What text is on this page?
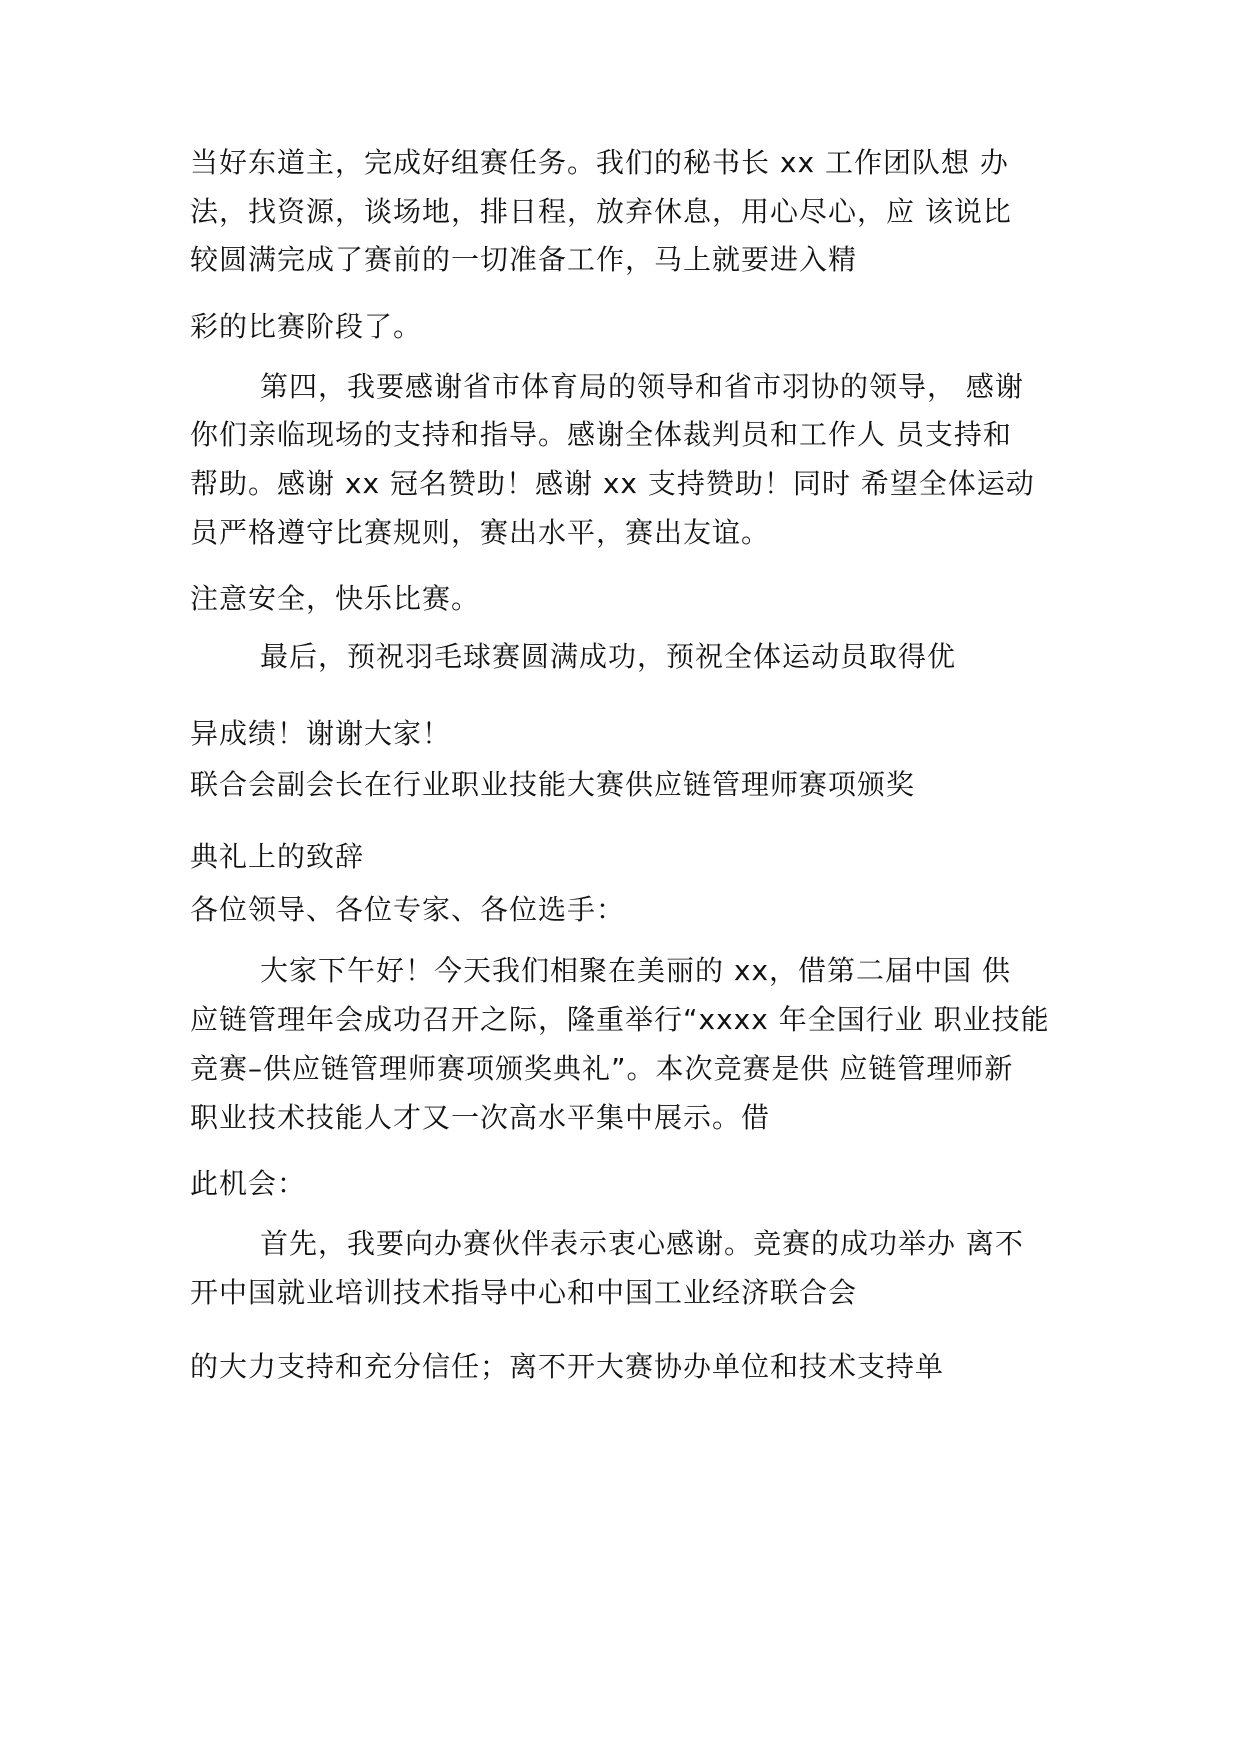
当好东道主，完成好组赛任务。我们的秘书长 xx 工作团队想 办
法，找资源，谈场地，排日程，放弃休息，用心尽心，应 该说比
较圆满完成了赛前的一切准备工作，马上就要进入精
彩的比赛阶段了。
第四，我要感谢省市体育局的领导和省市羽协的领导， 感谢
你们亲临现场的支持和指导。感谢全体裁判员和工作人 员支持和
帮助。感谢 xx 冠名赞助！感谢 xx 支持赞助！同时 希望全体运动
员严格遵守比赛规则，赛出水平，赛出友谊。
注意安全，快乐比赛。
最后，预祝羽毛球赛圆满成功，预祝全体运动员取得优
异成绩！谢谢大家！
联合会副会长在行业职业技能大赛供应链管理师赛项颁奖
典礼上的致辞
各位领导、各位专家、各位选手：
大家下午好！今天我们相聚在美丽的 xx，借第二届中国 供
应链管理年会成功召开之际，隆重举行“xxxx 年全国行业 职业技能
竞赛–供应链管理师赛项颁奖典礼”。本次竞赛是供 应链管理师新
职业技术技能人才又一次高水平集中展示。借
此机会：
首先，我要向办赛伙伴表示衷心感谢。竞赛的成功举办 离不
开中国就业培训技术指导中心和中国工业经济联合会
的大力支持和充分信任；离不开大赛协办单位和技术支持单
